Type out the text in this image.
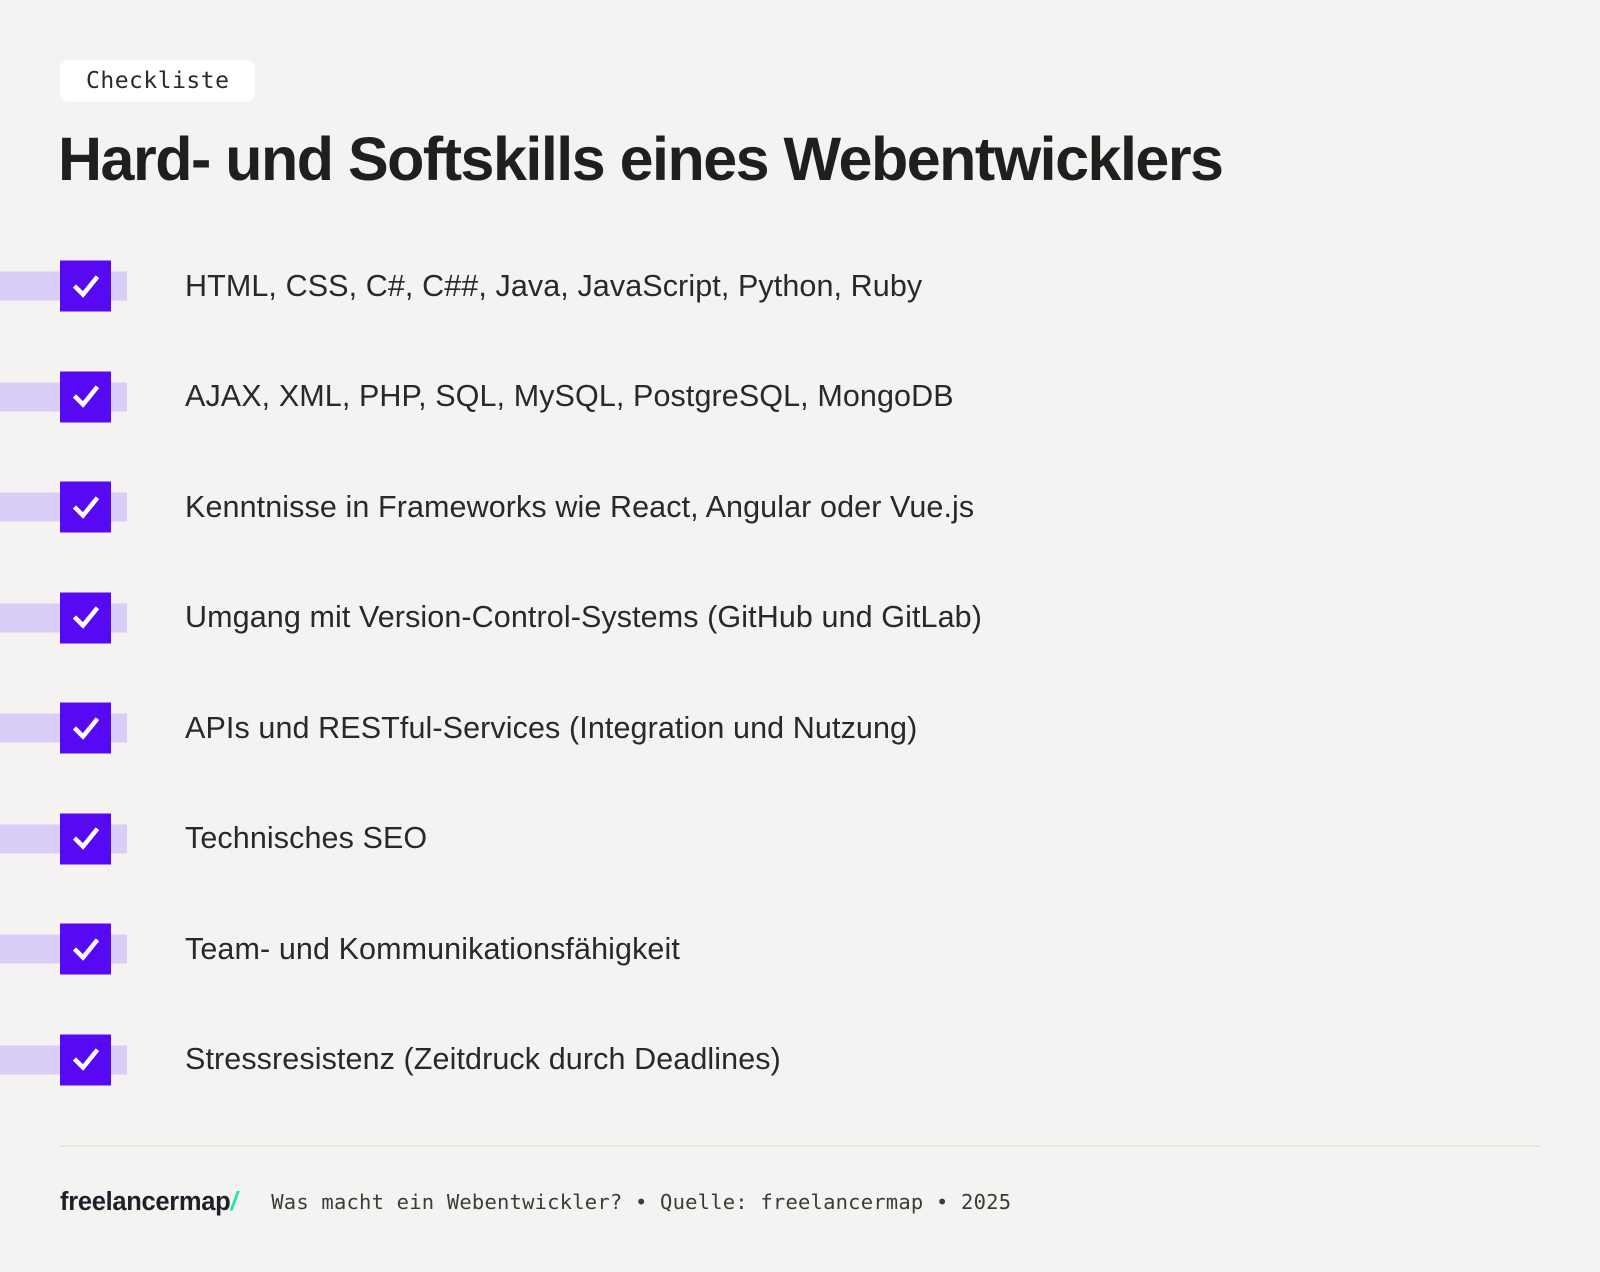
Checkliste
Hard- und Softskills eines Webentwicklers
HTML, CSS, C#, C##, Java, JavaScript, Python, Ruby
AJAX, XML, PHP, SQL, MySQL, PostgreSQL, MongoDB
Kenntnisse in Frameworks wie React, Angular oder Vue.js
Umgang mit Version-Control-Systems (GitHub und GitLab)
APIs und RESTful-Services (Integration und Nutzung)
Technisches SEO
Team- und Kommunikationsfähigkeit
Stressresistenz (Zeitdruck durch Deadlines)
freelancermap/ Was macht ein Webentwickler? • Quelle: freelancermap • 2025
